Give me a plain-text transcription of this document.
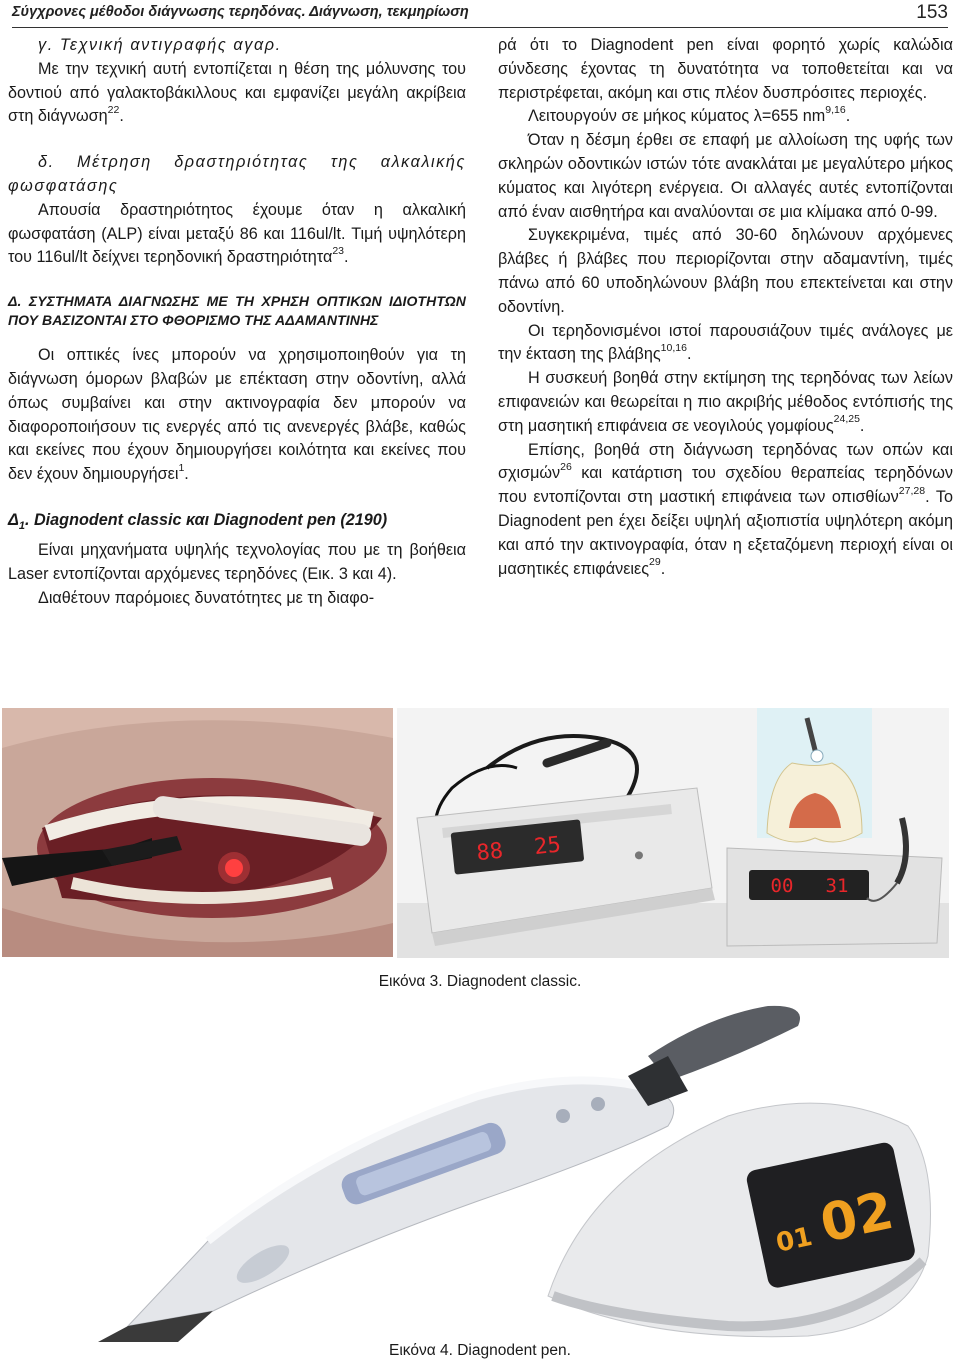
Σύγχρονες μέθοδοι διάγνωσης τερηδόνας. Διάγνωση, τεκμηρίωση	153

γ. Τεχνική αντιγραφής αγαρ.

Με την τεχνική αυτή εντοπίζεται η θέση της μόλυνσης του δοντιού από γαλακτοβάκιλλους και εμφανίζει μεγάλη ακρίβεια στη διάγνωση$^{22}$.

δ. Μέτρηση δραστηριότητας της αλκαλικής φωσφατάσης

Απουσία δραστηριότητος έχουμε όταν η αλκαλική φωσφατάση (ALP) είναι μεταξύ 86 και 116ul/lt. Τιμή υψηλότερη του 116ul/lt δείχνει τερηδονική δραστηριότητα$^{23}$.

Δ. ΣΥΣΤΗΜΑΤΑ ΔΙΑΓΝΩΣΗΣ ΜΕ ΤΗ ΧΡΗΣΗ ΟΠΤΙΚΩΝ ΙΔΙΟΤΗΤΩΝ ΠΟΥ ΒΑΣΙΖΟΝΤΑΙ ΣΤΟ ΦΘΟΡΙΣΜΟ ΤΗΣ ΑΔΑΜΑΝΤΙΝΗΣ

Οι οπτικές ίνες μπορούν να χρησιμοποιηθούν για τη διάγνωση όμορων βλαβών με επέκταση στην οδοντίνη, αλλά όπως συμβαίνει και στην ακτινογραφία δεν μπορούν να διαφοροποιήσουν τις ενεργές από τις ανενεργές βλάβε, καθώς και εκείνες που έχουν δημιουργήσει κοιλότητα και εκείνες που δεν έχουν δημιουργήσει$^1$.

$\Delta_1$. Diagnodent classic και Diagnodent pen (2190)

Είναι μηχανήματα υψηλής τεχνολογίας που με τη βοήθεια Laser εντοπίζονται αρχόμενες τερηδόνες (Εικ. 3 και 4).

Διαθέτουν παρόμοιες δυνατότητες με τη διαφο-

ρά ότι το Diagnodent pen είναι φορητό χωρίς καλώδια σύνδεσης έχοντας τη δυνατότητα να τοποθετείται και να περιστρέφεται, ακόμη και στις πλέον δυσπρόσιτες περιοχές.

Λειτουργούν σε μήκος κύματος λ=655 nm$^{9,16}$.

Όταν η δέσμη έρθει σε επαφή με αλλοίωση της υφής των σκληρών οδοντικών ιστών τότε ανακλάται με μεγαλύτερο μήκος κύματος και λιγότερη ενέργεια. Οι αλλαγές αυτές εντοπίζονται από έναν αισθητήρα και αναλύονται σε μια κλίμακα από 0-99.

Συγκεκριμένα, τιμές από 30-60 δηλώνουν αρχόμενες βλάβες ή βλάβες που περιορίζονται στην αδαμαντίνη, τιμές πάνω από 60 υποδηλώνουν βλάβη που επεκτείνεται και στην οδοντίνη.

Οι τερηδονισμένοι ιστοί παρουσιάζουν τιμές ανάλογες με την έκταση της βλάβης$^{10,16}$.

Η συσκευή βοηθά στην εκτίμηση της τερηδόνας των λείων επιφανειών και θεωρείται η πιο ακριβής μέθοδος εντόπισής της στη μασητική επιφάνεια σε νεογιλούς γομφίους$^{24,25}$.

Επίσης, βοηθά στη διάγνωση τερηδόνας των οπών και σχισμών$^{26}$ και κατάρτιση του σχεδίου θεραπείας τερηδόνων που εντοπίζονται στη μαστική επιφάνεια των οπισθίων$^{27,28}$. Το Diagnodent pen έχει δείξει υψηλή αξιοπιστία υψηλότερη ακόμη και από την ακτινογραφία, όταν η εξεταζόμενη περιοχή είναι οι μασητικές επιφάνειες$^{29}$.

88 25
00 31
Εικόνα 3. Diagnodent classic.
01 02
Εικόνα 4. Diagnodent pen.
